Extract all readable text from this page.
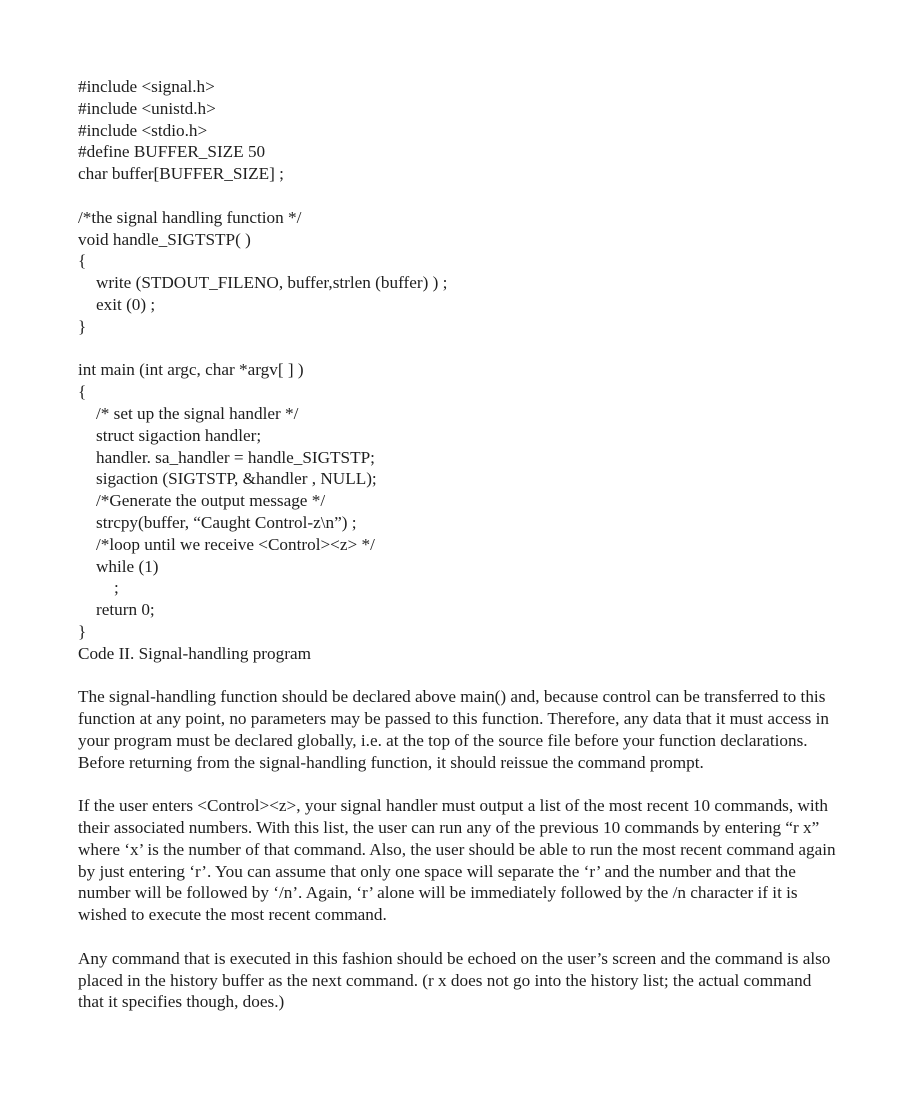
#include <signal.h>
#include <unistd.h>
#include <stdio.h>
#define BUFFER_SIZE 50
char buffer[BUFFER_SIZE] ;
/*the signal handling function */
void handle_SIGTSTP( )
{
write (STDOUT_FILENO, buffer,strlen (buffer) ) ;
exit (0) ;
}
int main (int argc, char *argv[ ] )
{
/* set up the signal handler */
struct sigaction handler;
handler. sa_handler = handle_SIGTSTP;
sigaction (SIGTSTP, &handler , NULL);
/*Generate the output message */
strcpy(buffer, “Caught Control-z\n”) ;
/*loop until we receive <Control><z> */
while (1)
;
return 0;
}
Code II. Signal-handling program

The signal-handling function should be declared above main() and, because control can be transferred to this function at any point, no parameters may be passed to this function. Therefore, any data that it must access in your program must be declared globally, i.e. at the top of the source file before your function declarations. Before returning from the signal-handling function, it should reissue the command prompt.

If the user enters <Control><z>, your signal handler must output a list of the most recent 10 commands, with their associated numbers. With this list, the user can run any of the previous 10 commands by entering “r x” where ‘x’ is the number of that command. Also, the user should be able to run the most recent command again by just entering ‘r’. You can assume that only one space will separate the ‘r’ and the number and that the number will be followed by ‘/n’. Again, ‘r’ alone will be immediately followed by the /n character if it is wished to execute the most recent command.

Any command that is executed in this fashion should be echoed on the user’s screen and the command is also placed in the history buffer as the next command. (r x does not go into the history list; the actual command that it specifies though, does.)
